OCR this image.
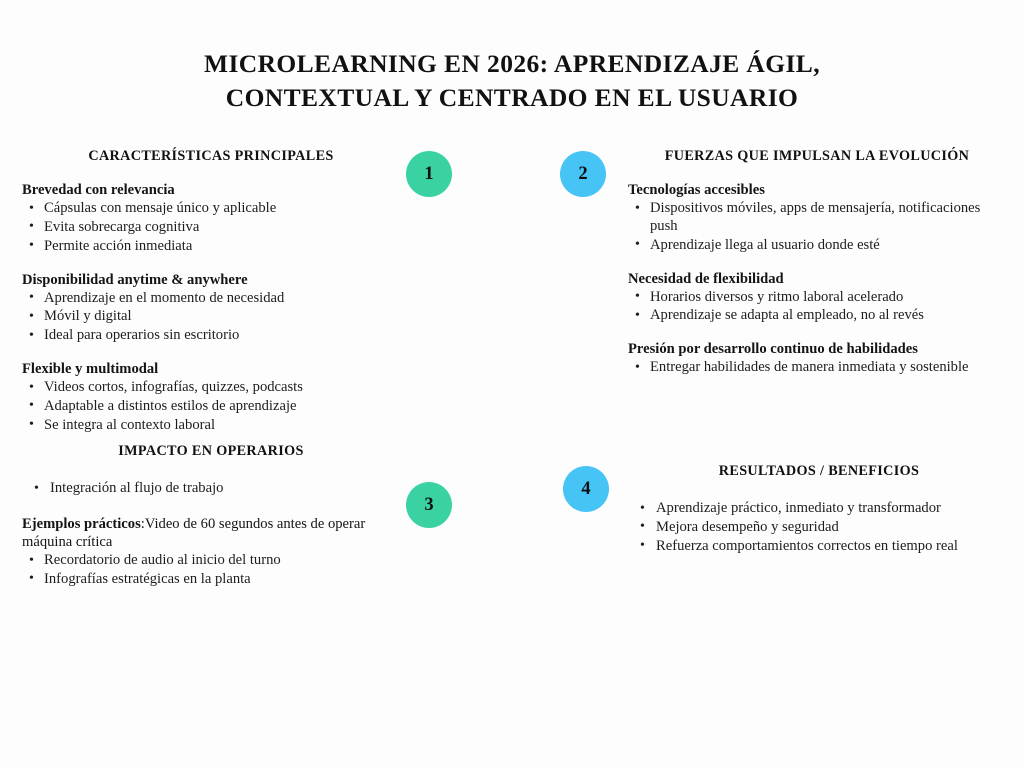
MICROLEARNING EN 2026: APRENDIZAJE ÁGIL,
CONTEXTUAL Y CENTRADO EN EL USUARIO
CARACTERÍSTICAS PRINCIPALES

Brevedad con relevancia

• Cápsulas con mensaje único y aplicable
• Evita sobrecarga cognitiva
• Permite acción inmediata

Disponibilidad anytime & anywhere

• Aprendizaje en el momento de necesidad
• Móvil y digital
• Ideal para operarios sin escritorio

Flexible y multimodal

• Videos cortos, infografías, quizzes, podcasts
• Adaptable a distintos estilos de aprendizaje
• Se integra al contexto laboral
FUERZAS QUE IMPULSAN LA EVOLUCIÓN

Tecnologías accesibles

• Dispositivos móviles, apps de mensajería, notificaciones push
• Aprendizaje llega al usuario donde esté

Necesidad de flexibilidad

• Horarios diversos y ritmo laboral acelerado
• Aprendizaje se adapta al empleado, no al revés

Presión por desarrollo continuo de habilidades

• Entregar habilidades de manera inmediata y sostenible
IMPACTO EN OPERARIOS
• Integración al flujo de trabajo

Ejemplos prácticos:Video de 60 segundos antes de operar máquina crítica

• Recordatorio de audio al inicio del turno
• Infografías estratégicas en la planta
RESULTADOS / BENEFICIOS
• Aprendizaje práctico, inmediato y transformador
• Mejora desempeño y seguridad
• Refuerza comportamientos correctos en tiempo real
1	2
3
4
